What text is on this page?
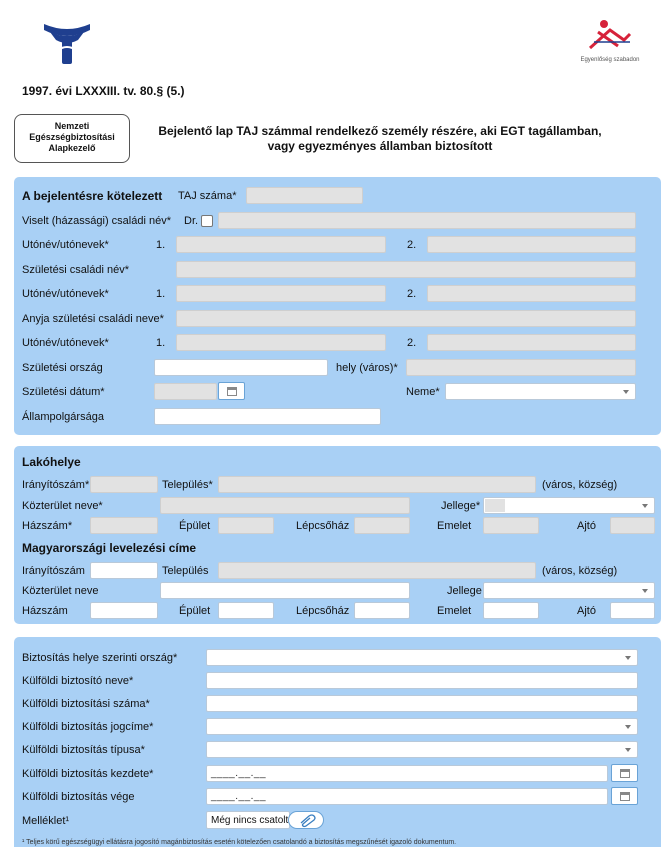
Egyenlőség szabadon
1997. évi LXXXIII. tv. 80.§ (5.)
Nemzeti
Egészségbiztosítási
Alapkezelő
Bejelentő lap TAJ számmal rendelkező személy részére, aki EGT tagállamban,
vagy egyezményes államban biztosított
A bejelentésre kötelezett TAJ száma*
Viselt (házassági) családi név* Dr.
Utónév/utónevek*	1.	2.
Születési családi név*
Utónév/utónevek*	1.	2.
Anyja születési családi neve*
Utónév/utónevek*	1.	2.
Születési ország	hely (város)*
Születési dátum*	Neme*
Állampolgársága
Lakóhelye
Irányítószám*	Település*	(város, község)
Közterület neve*	Jellege*
Házszám*	Épület	Lépcsőház	Emelet	Ajtó
Magyarországi levelezési címe
Irányítószám	Település	(város, község)
Közterület neve	Jellege
Házszám	Épület	Lépcsőház	Emelet	Ajtó
Biztosítás helye szerinti ország*
Külföldi biztosító neve*
Külföldi biztosítási száma*
Külföldi biztosítás jogcíme*
Külföldi biztosítás típusa*
Külföldi biztosítás kezdete*	____.__.__
Külföldi biztosítás vége	____.__.__
Melléklet¹	Még nincs csatolt
¹ Teljes körű egészségügyi ellátásra jogosító magánbiztosítás esetén kötelezően csatolandó a biztosítás megszűnését igazoló dokumentum.
